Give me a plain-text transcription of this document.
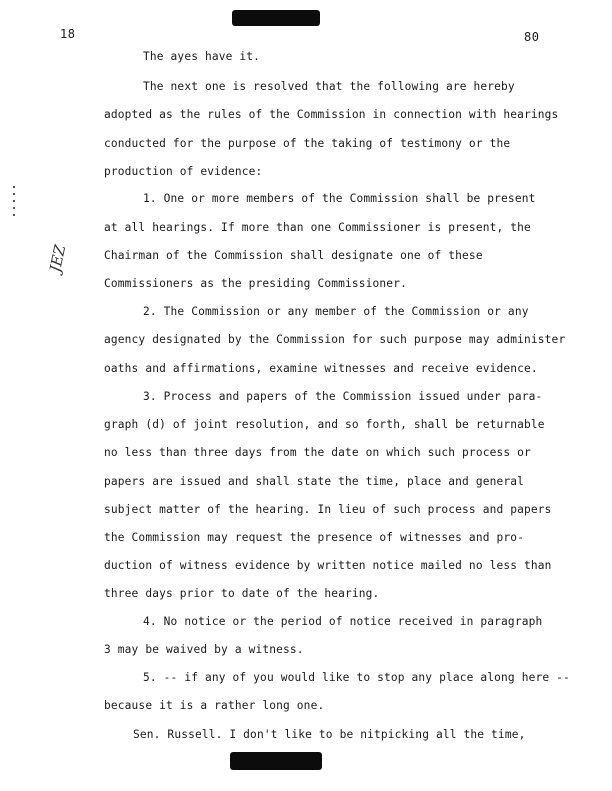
18	80
JEZ
The ayes have it.
The next one is resolved that the following are hereby
adopted as the rules of the Commission in connection with hearings
conducted for the purpose of the taking of testimony or the
production of evidence:
1. One or more members of the Commission shall be present
at all hearings. If more than one Commissioner is present, the
Chairman of the Commission shall designate one of these
Commissioners as the presiding Commissioner.
2. The Commission or any member of the Commission or any
agency designated by the Commission for such purpose may administer
oaths and affirmations, examine witnesses and receive evidence.
3. Process and papers of the Commission issued under para-
graph (d) of joint resolution, and so forth, shall be returnable
no less than three days from the date on which such process or
papers are issued and shall state the time, place and general
subject matter of the hearing. In lieu of such process and papers
the Commission may request the presence of witnesses and pro-
duction of witness evidence by written notice mailed no less than
three days prior to date of the hearing.
4. No notice or the period of notice received in paragraph
3 may be waived by a witness.
5. -- if any of you would like to stop any place along here --
because it is a rather long one.
Sen. Russell. I don't like to be nitpicking all the time,
